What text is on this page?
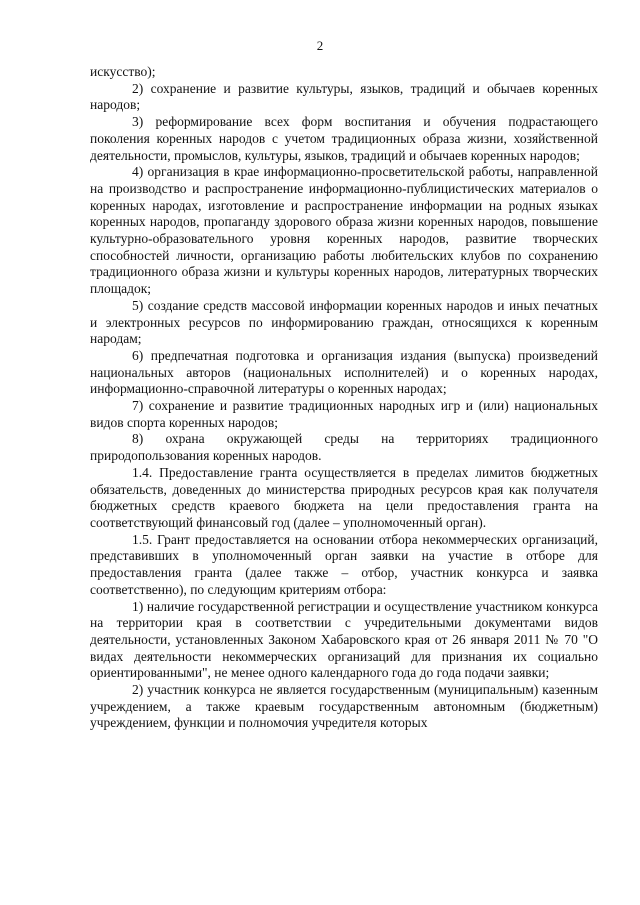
2

искусство);

2) сохранение и развитие культуры, языков, традиций и обычаев коренных народов;

3) реформирование всех форм воспитания и обучения подрастающего поколения коренных народов с учетом традиционных образа жизни, хозяйственной деятельности, промыслов, культуры, языков, традиций и обычаев коренных народов;

4) организация в крае информационно-просветительской работы, направленной на производство и распространение информационно-публицистических материалов о коренных народах, изготовление и распространение информации на родных языках коренных народов, пропаганду здорового образа жизни коренных народов, повышение культурно-образовательного уровня коренных народов, развитие творческих способностей личности, организацию работы любительских клубов по сохранению традиционного образа жизни и культуры коренных народов, литературных творческих площадок;

5) создание средств массовой информации коренных народов и иных печатных и электронных ресурсов по информированию граждан, относящихся к коренным народам;

6) предпечатная подготовка и организация издания (выпуска) произведений национальных авторов (национальных исполнителей) и о коренных народах, информационно-справочной литературы о коренных народах;

7) сохранение и развитие традиционных народных игр и (или) национальных видов спорта коренных народов;

8) охрана окружающей среды на территориях традиционного природопользования коренных народов.

1.4. Предоставление гранта осуществляется в пределах лимитов бюджетных обязательств, доведенных до министерства природных ресурсов края как получателя бюджетных средств краевого бюджета на цели предоставления гранта на соответствующий финансовый год (далее – уполномоченный орган).

1.5. Грант предоставляется на основании отбора некоммерческих организаций, представивших в уполномоченный орган заявки на участие в отборе для предоставления гранта (далее также – отбор, участник конкурса и заявка соответственно), по следующим критериям отбора:

1) наличие государственной регистрации и осуществление участником конкурса на территории края в соответствии с учредительными документами видов деятельности, установленных Законом Хабаровского края от 26 января 2011 № 70 "О видах деятельности некоммерческих организаций для признания их социально ориентированными", не менее одного календарного года до года подачи заявки;

2) участник конкурса не является государственным (муниципальным) казенным учреждением, а также краевым государственным автономным (бюджетным) учреждением, функции и полномочия учредителя которых
